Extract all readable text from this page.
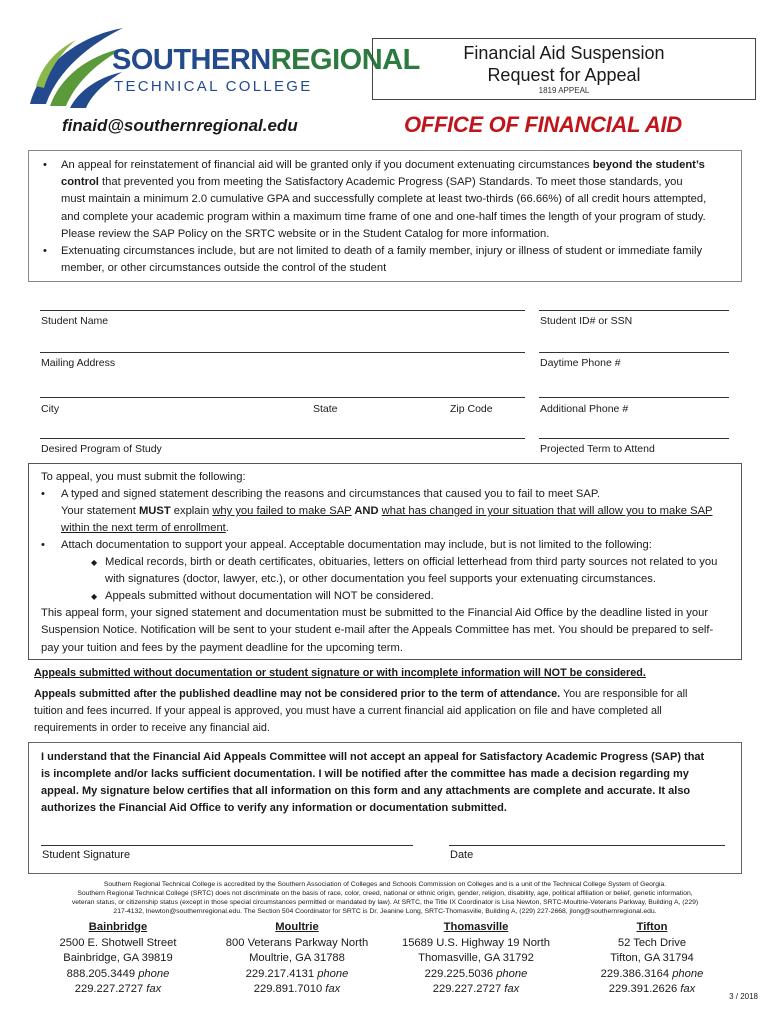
SOUTHERNREGIONAL
TECHNICAL COLLEGE
Financial Aid Suspension
Request for Appeal
1819 APPEAL
finaid@southernregional.edu	OFFICE OF FINANCIAL AID
• An appeal for reinstatement of financial aid will be granted only if you document extenuating circumstances beyond the student’s
control that prevented you from meeting the Satisfactory Academic Progress (SAP) Standards. To meet those standards, you
must maintain a minimum 2.0 cumulative GPA and successfully complete at least two-thirds (66.66%) of all credit hours attempted,
and complete your academic program within a maximum time frame of one and one-half times the length of your program of study.
Please review the SAP Policy on the SRTC website or in the Student Catalog for more information.
• Extenuating circumstances include, but are not limited to death of a family member, injury or illness of student or immediate family
member, or other circumstances outside the control of the student
Student Name	Student ID# or SSN
Mailing Address	Daytime Phone #
City	State	Zip Code	Additional Phone #
Desired Program of Study	Projected Term to Attend
To appeal, you must submit the following:
• A typed and signed statement describing the reasons and circumstances that caused you to fail to meet SAP.
Your statement MUST explain why you failed to make SAP AND what has changed in your situation that will allow you to make SAP
within the next term of enrollment.
• Attach documentation to support your appeal. Acceptable documentation may include, but is not limited to the following:
◆ Medical records, birth or death certificates, obituaries, letters on official letterhead from third party sources not related to you
with signatures (doctor, lawyer, etc.), or other documentation you feel supports your extenuating circumstances.
◆ Appeals submitted without documentation will NOT be considered.
This appeal form, your signed statement and documentation must be submitted to the Financial Aid Office by the deadline listed in your
Suspension Notice. Notification will be sent to your student e-mail after the Appeals Committee has met. You should be prepared to self-
pay your tuition and fees by the payment deadline for the upcoming term.
Appeals submitted without documentation or student signature or with incomplete information will NOT be considered.
Appeals submitted after the published deadline may not be considered prior to the term of attendance. You are responsible for all
tuition and fees incurred. If your appeal is approved, you must have a current financial aid application on file and have completed all
requirements in order to receive any financial aid.
I understand that the Financial Aid Appeals Committee will not accept an appeal for Satisfactory Academic Progress (SAP) that
is incomplete and/or lacks sufficient documentation. I will be notified after the committee has made a decision regarding my
appeal. My signature below certifies that all information on this form and any attachments are complete and accurate. It also
authorizes the Financial Aid Office to verify any information or documentation submitted.
Student Signature	Date
Southern Regional Technical College is accredited by the Southern Association of Colleges and Schools Commission on Colleges and is a unit of the Technical College System of Georgia.
Southern Regional Technical College (SRTC) does not discriminate on the basis of race, color, creed, national or ethnic origin, gender, religion, disability, age, political affiliation or belief, genetic information,
veteran status, or citizenship status (except in those special circumstances permitted or mandated by law). At SRTC, the Title IX Coordinator is Lisa Newton, SRTC-Moultrie-Veterans Parkway, Building A, (229)
217-4132, lnewton@southernregional.edu. The Section 504 Coordinator for SRTC is Dr. Jeanine Long, SRTC-Thomasville, Building A, (229) 227-2668, jlong@southernregional.edu.
Bainbridge
2500 E. Shotwell Street
Bainbridge, GA 39819
888.205.3449 phone
229.227.2727 fax
Moultrie
800 Veterans Parkway North
Moultrie, GA 31788
229.217.4131 phone
229.891.7010 fax
Thomasville
15689 U.S. Highway 19 North
Thomasville, GA 31792
229.225.5036 phone
229.227.2727 fax
Tifton
52 Tech Drive
Tifton, GA 31794
229.386.3164 phone
229.391.2626 fax
3 / 2018
